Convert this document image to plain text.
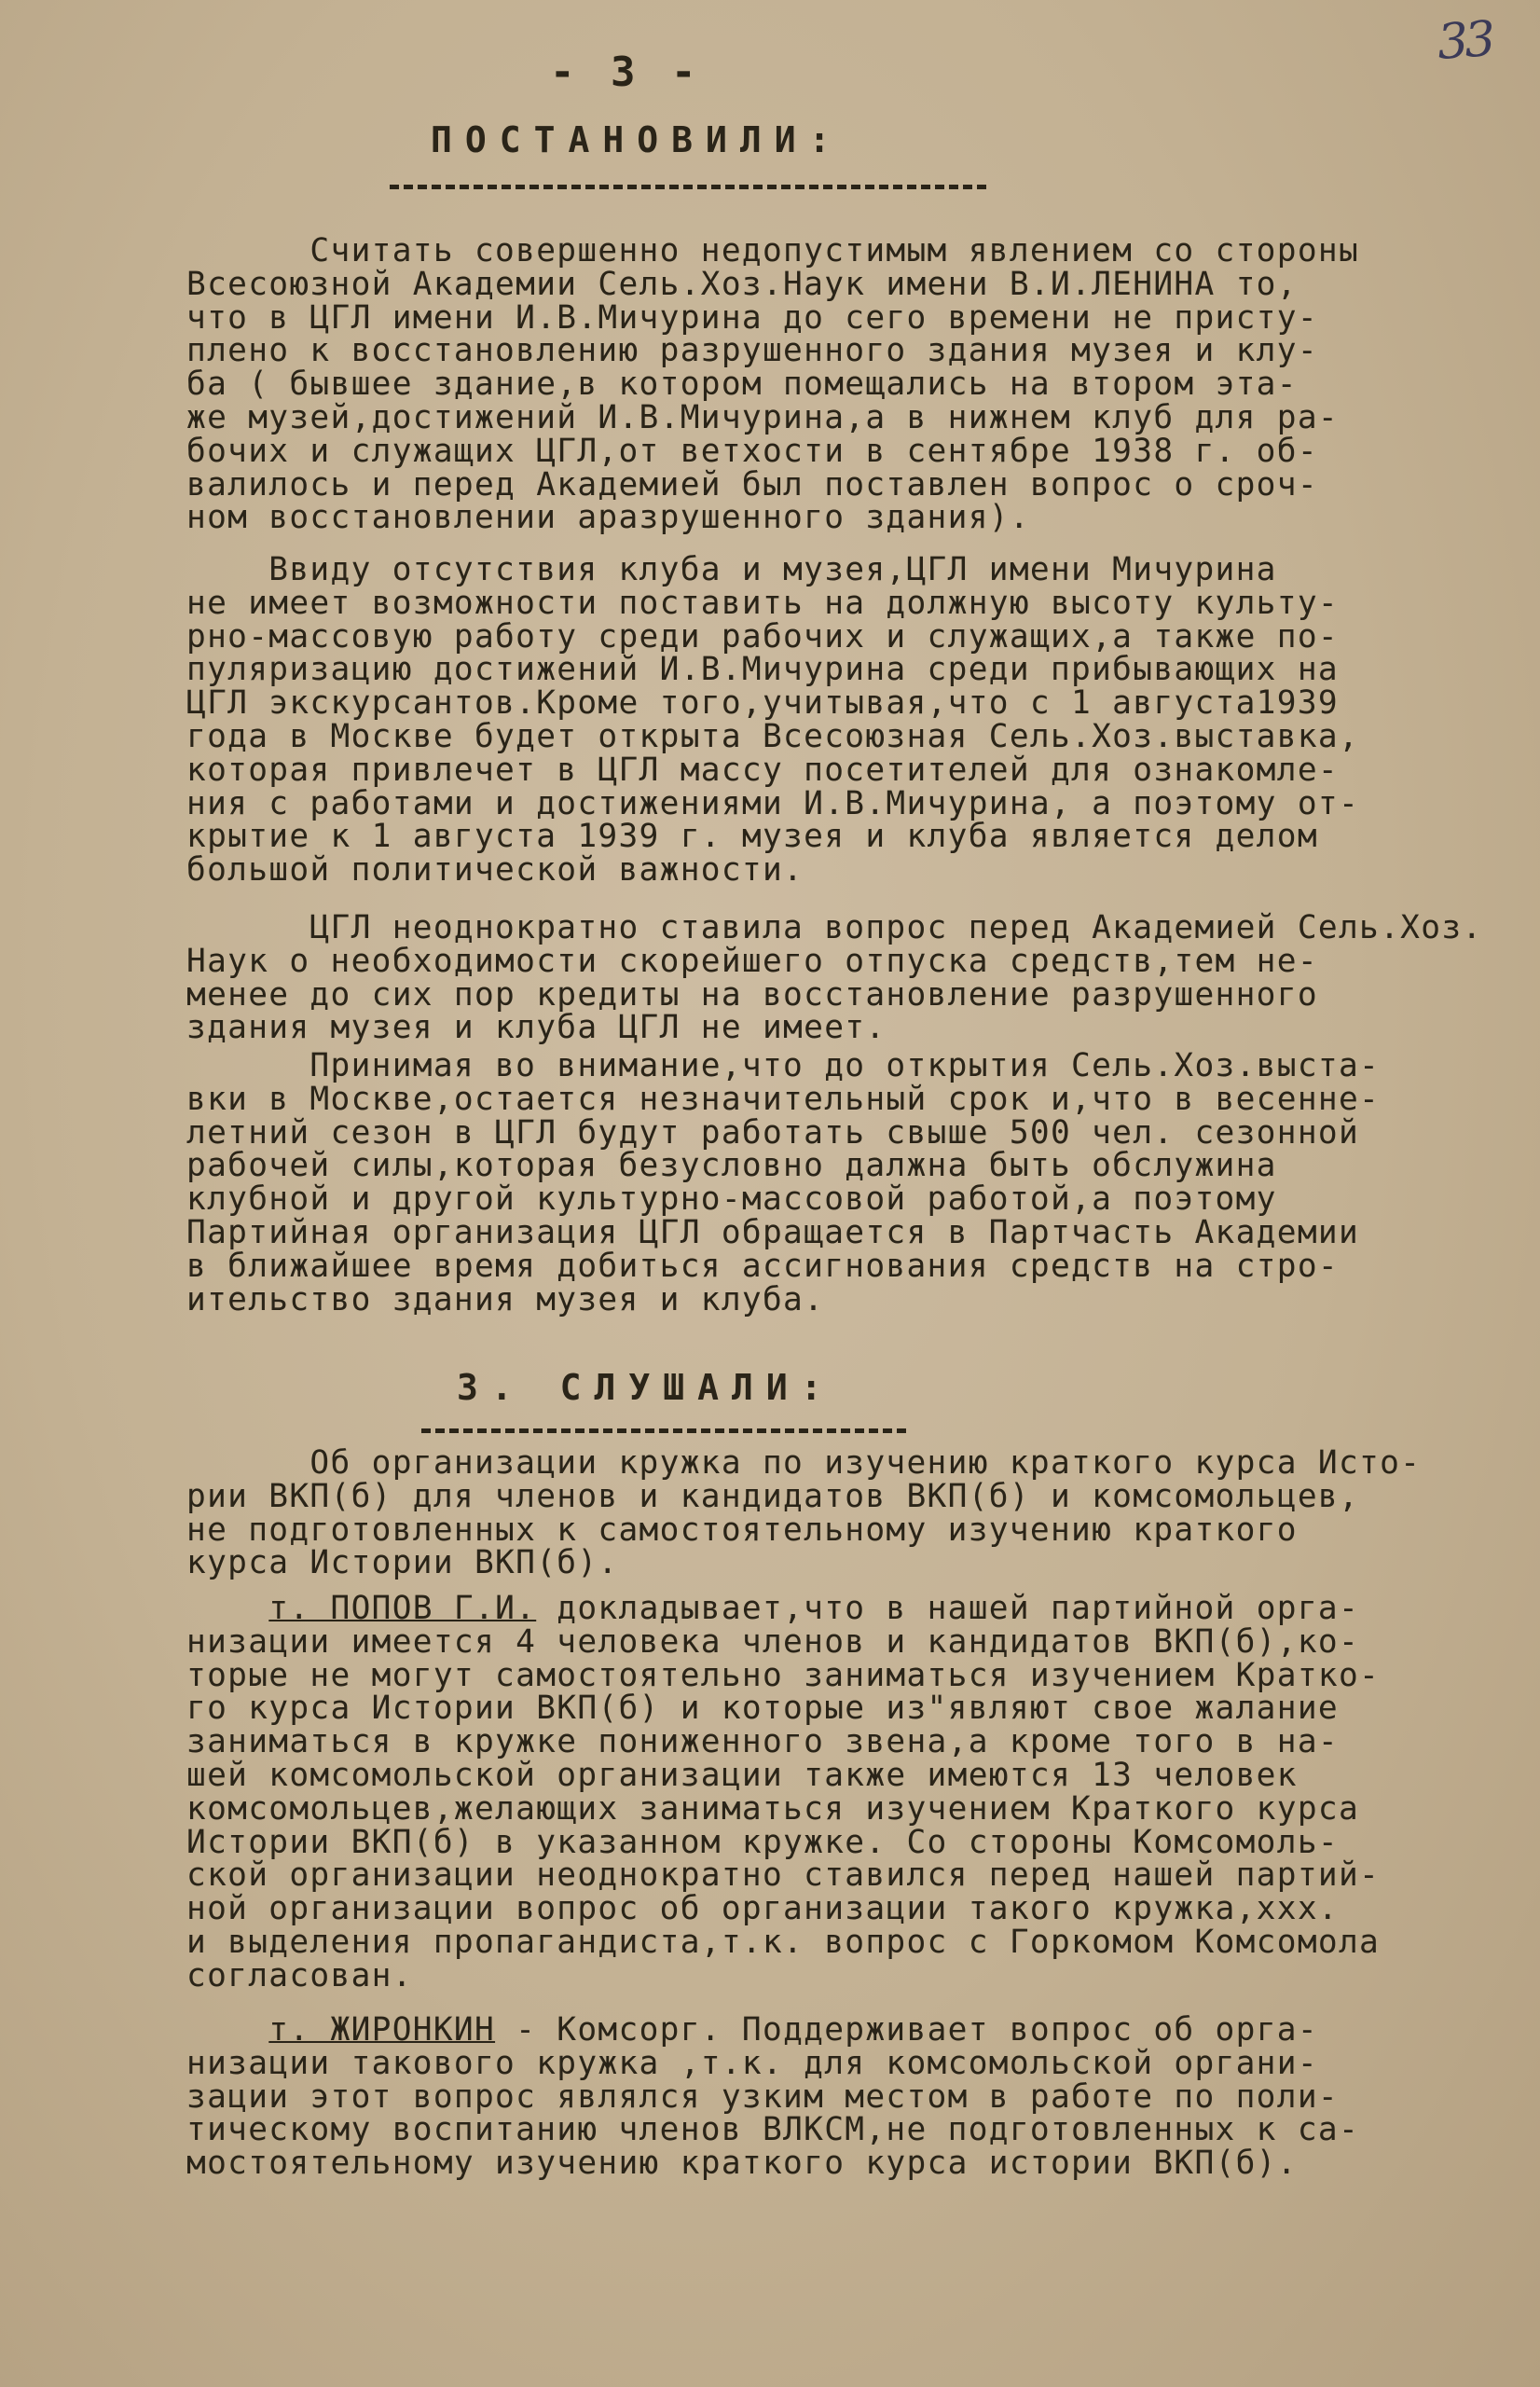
33
- 3 -
ПОСТАНОВИЛИ:
Считать совершенно недопустимым явлением со стороны
Всесоюзной Академии Сель.Хоз.Наук имени В.И.ЛЕНИНА то,
что в ЦГЛ имени И.В.Мичурина до сего времени не присту-
плено к восстановлению разрушенного здания музея и клу-
ба ( бывшее здание,в котором помещались на втором эта-
же музей,достижений И.В.Мичурина,а в нижнем клуб для ра-
бочих и служащих ЦГЛ,от ветхости в сентябре 1938 г. об-
валилось и перед Академией был поставлен вопрос о сроч-
ном восстановлении аразрушенного здания).
Ввиду отсутствия клуба и музея,ЦГЛ имени Мичурина
не имеет возможности поставить на должную высоту культу-
рно-массовую работу среди рабочих и служащих,а также по-
пуляризацию достижений И.В.Мичурина среди прибывающих на
ЦГЛ экскурсантов.Кроме того,учитывая,что с 1 августа1939
года в Москве будет открыта Всесоюзная Сель.Хоз.выставка,
которая привлечет в ЦГЛ массу посетителей для ознакомле-
ния с работами и достижениями И.В.Мичурина, а поэтому от-
крытие к 1 августа 1939 г. музея и клуба является делом
большой политической важности.
ЦГЛ неоднократно ставила вопрос перед Академией Сель.Хоз.
Наук о необходимости скорейшего отпуска средств,тем не-
менее до сих пор кредиты на восстановление разрушенного
здания музея и клуба ЦГЛ не имеет.
Принимая во внимание,что до открытия Сель.Хоз.выста-
вки в Москве,остается незначительный срок и,что в весенне-
летний сезон в ЦГЛ будут работать свыше 500 чел. сезонной
рабочей силы,которая безусловно далжна быть обслужина
клубной и другой культурно-массовой работой,а поэтому
Партийная организация ЦГЛ обращается в Партчасть Академии
в ближайшее время добиться ассигнования средств на стро-
ительство здания музея и клуба.
3. СЛУШАЛИ:
Об организации кружка по изучению краткого курса Исто-
рии ВКП(б) для членов и кандидатов ВКП(б) и комсомольцев,
не подготовленных к самостоятельному изучению краткого
курса Истории ВКП(б).
т. ПОПОВ Г.И. докладывает,что в нашей партийной орга-
низации имеется 4 человека членов и кандидатов ВКП(б),ко-
торые не могут самостоятельно заниматься изучением Кратко-
го курса Истории ВКП(б) и которые из"являют свое жалание
заниматься в кружке пониженного звена,а кроме того в на-
шей комсомольской организации также имеются 13 человек
комсомольцев,желающих заниматься изучением Краткого курса
Истории ВКП(б) в указанном кружке. Со стороны Комсомоль-
ской организации неоднократно ставился перед нашей партий-
ной организации вопрос об организации такого кружка,ххх.
и выделения пропагандиста,т.к. вопрос с Горкомом Комсомола
согласован.
т. ЖИРОНКИН - Комсорг. Поддерживает вопрос об орга-
низации такового кружка ,т.к. для комсомольской органи-
зации этот вопрос являлся узким местом в работе по поли-
тическому воспитанию членов ВЛКСМ,не подготовленных к са-
мостоятельному изучению краткого курса истории ВКП(б).
